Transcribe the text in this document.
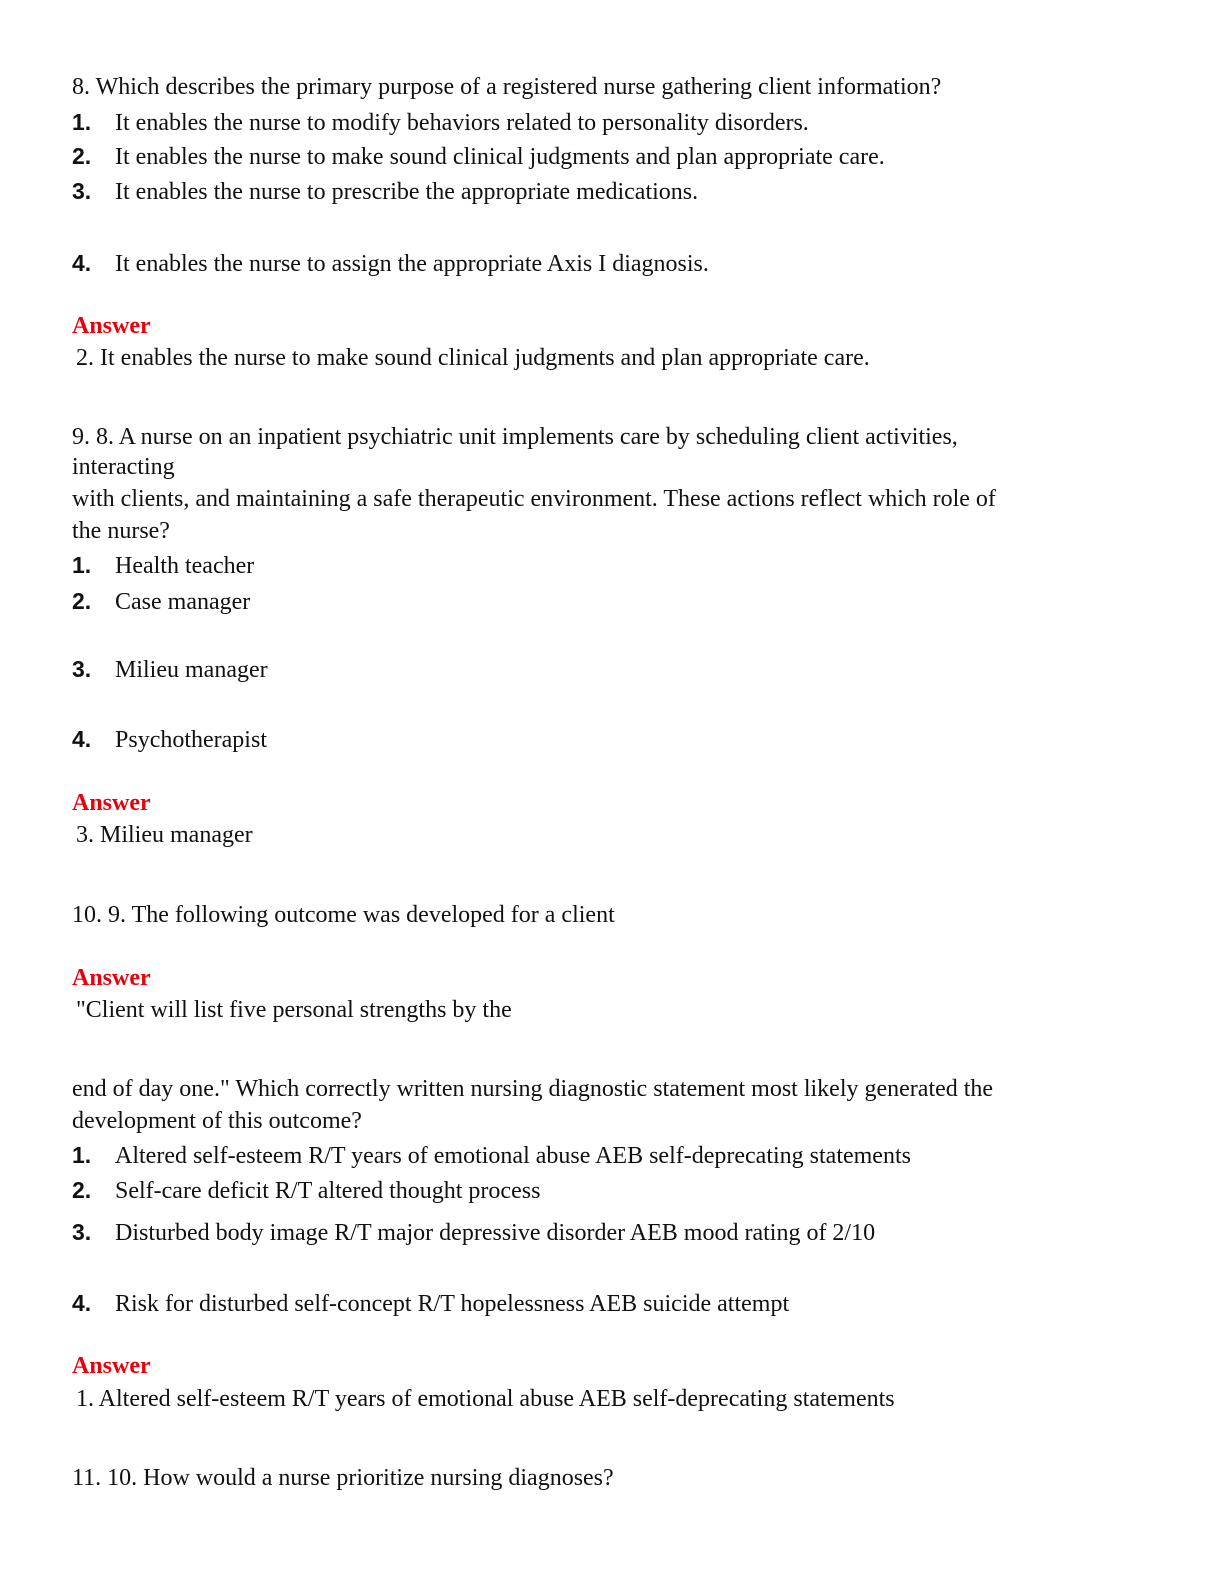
8. Which describes the primary purpose of a registered nurse gathering client information?
1. It enables the nurse to modify behaviors related to personality disorders.
2. It enables the nurse to make sound clinical judgments and plan appropriate care.
3. It enables the nurse to prescribe the appropriate medications.
4. It enables the nurse to assign the appropriate Axis I diagnosis.
Answer
2. It enables the nurse to make sound clinical judgments and plan appropriate care.
9. 8. A nurse on an inpatient psychiatric unit implements care by scheduling client activities,
interacting
with clients, and maintaining a safe therapeutic environment. These actions reflect which role of
the nurse?
1. Health teacher
2. Case manager
3. Milieu manager
4. Psychotherapist
Answer
3. Milieu manager
10. 9. The following outcome was developed for a client
Answer
"Client will list five personal strengths by the
end of day one." Which correctly written nursing diagnostic statement most likely generated the
development of this outcome?
1. Altered self-esteem R/T years of emotional abuse AEB self-deprecating statements
2. Self-care deficit R/T altered thought process
3. Disturbed body image R/T major depressive disorder AEB mood rating of 2/10
4. Risk for disturbed self-concept R/T hopelessness AEB suicide attempt
Answer
1. Altered self-esteem R/T years of emotional abuse AEB self-deprecating statements
11. 10. How would a nurse prioritize nursing diagnoses?
